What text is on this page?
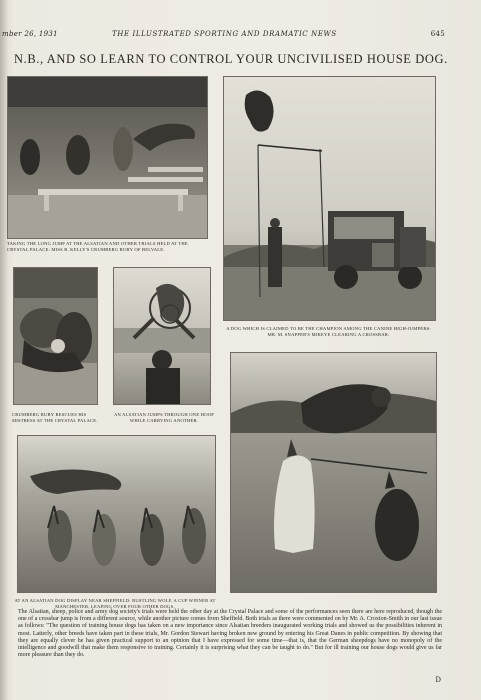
mber 26, 1931	THE ILLUSTRATED SPORTING AND DRAMATIC NEWS	645
N.B., AND SO LEARN TO CONTROL YOUR UNCIVILISED HOUSE DOG.
TAKING THE LONG JUMP AT THE ALSATIAN AND OTHER TRIALS HELD AT THE CRYSTAL PALACE: MISS B. KELLY'S CRUMBERG RUBY OF BELVALE.
A DOG WHICH IS CLAIMED TO BE THE CHAMPION AMONG THE CANINE HIGH-JUMPERS: MR. M. SNAPPER'S MIKEYE CLEARING A CROSSBAR.
CRUMBERG RUBY RESCUES HIS MISTRESS AT THE CRYSTAL PALACE.
AN ALSATIAN JUMPS THROUGH ONE HOOP WHILE CARRYING ANOTHER.
AT AN ALSATIAN DOG DISPLAY NEAR SHEFFIELD: BUSTLING WOLF, A CUP WINNER AT MANCHESTER, LEAPING OVER FOUR OTHER DOGS.
The Alsatian, sheep, police and army dog society's trials were held the other day at the Crystal Palace and some of the performances seen there are here reproduced, though the one of a crossbar jump is from a different source, while another picture comes from Sheffield. Both trials as there were commented on by Mr. A. Croxton-Smith in our last issue as follows: "The question of training house dogs has taken on a new importance since Alsatian breeders inaugurated working trials and showed us the possibilities inherent in most. Latterly, other breeds have taken part in these trials, Mr. Gordon Stewart having broken new ground by entering his Great Danes in public competition. By showing that they are equally clever he has given practical support to an opinion that I have expressed for some time—that is, that the German sheepdogs have no monopoly of the intelligence and goodwill that make them responsive to training. Certainly it is surprising what they can be taught to do." But for ill training our house dogs would give us far more pleasure than they do.
D
